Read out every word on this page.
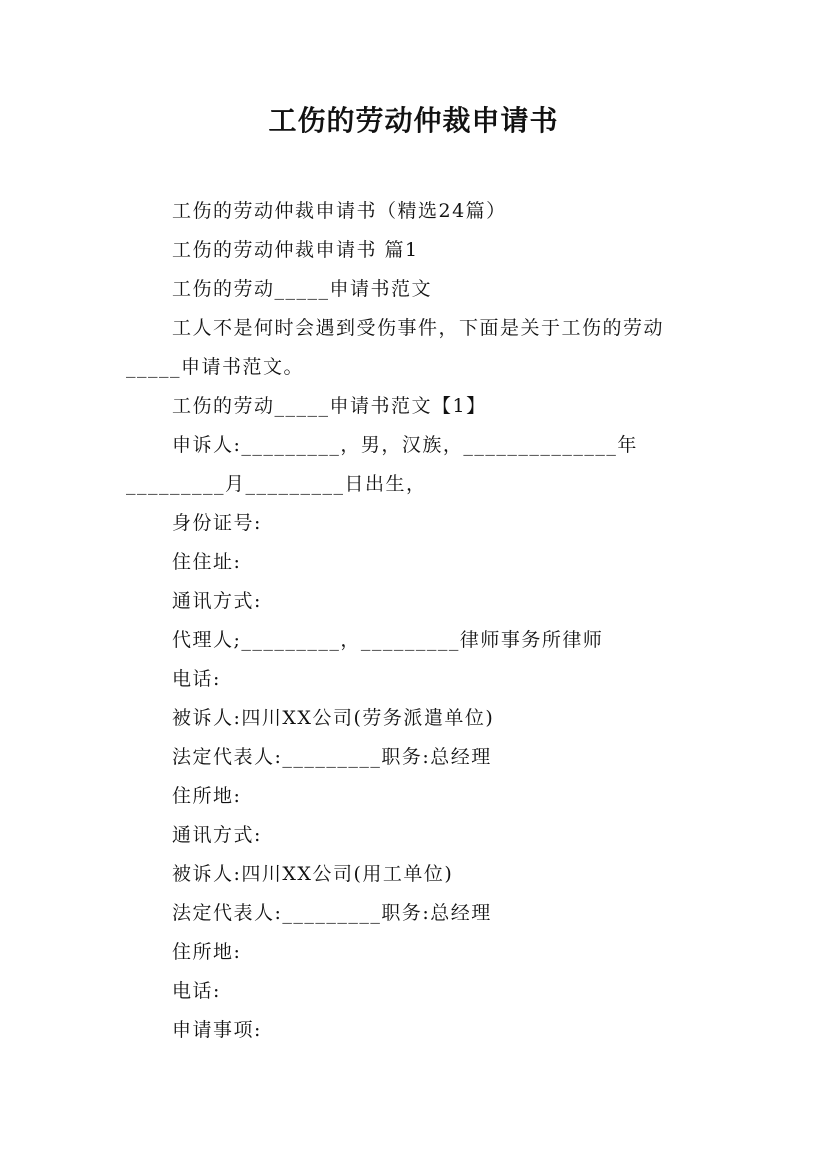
工伤的劳动仲裁申请书
工伤的劳动仲裁申请书（精选24篇）
工伤的劳动仲裁申请书 篇1
工伤的劳动_____申请书范文
工人不是何时会遇到受伤事件，下面是关于工伤的劳动
_____申请书范文。
工伤的劳动_____申请书范文【1】
申诉人:_________，男，汉族，______________年
_________月_________日出生，
身份证号:
住住址:
通讯方式:
代理人;_________，_________律师事务所律师
电话:
被诉人:四川XX公司(劳务派遣单位)
法定代表人:_________职务:总经理
住所地:
通讯方式:
被诉人:四川XX公司(用工单位)
法定代表人:_________职务:总经理
住所地:
电话:
申请事项:
